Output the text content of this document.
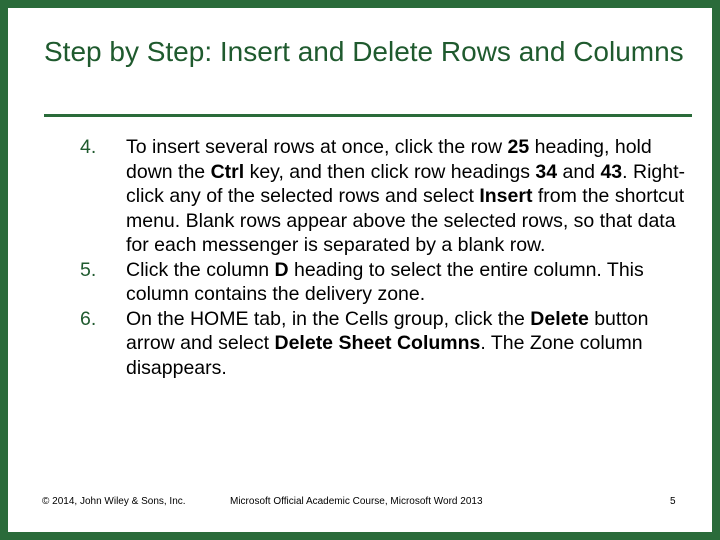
Step by Step: Insert and Delete Rows and Columns
4.	To insert several rows at once, click the row 25 heading, hold down the Ctrl key, and then click row headings 34 and 43. Right-click any of the selected rows and select Insert from the shortcut menu. Blank rows appear above the selected rows, so that data for each messenger is separated by a blank row.
5.	Click the column D heading to select the entire column. This column contains the delivery zone.
6.	On the HOME tab, in the Cells group, click the Delete button arrow and select Delete Sheet Columns. The Zone column disappears.
© 2014, John Wiley & Sons, Inc.	Microsoft Official Academic Course, Microsoft Word 2013	5
